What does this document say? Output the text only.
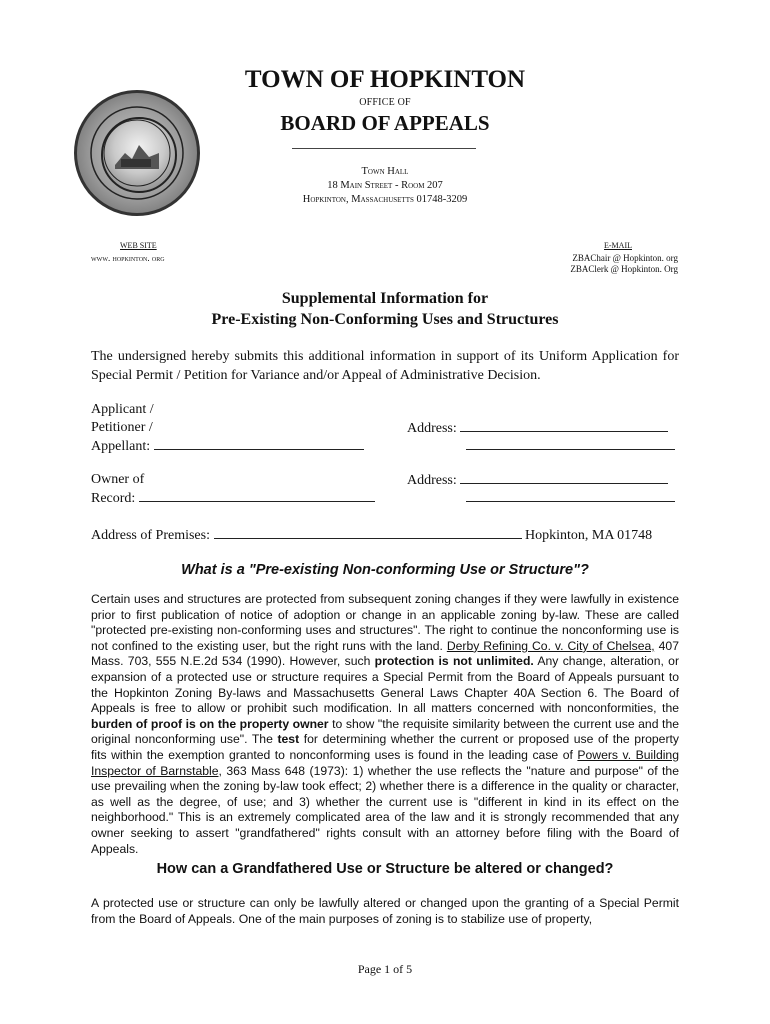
TOWN OF HOPKINTON
OFFICE OF
BOARD OF APPEALS
Town Hall
18 Main Street - Room 207
Hopkinton, Massachusetts 01748-3209
WEB SITE
www. hopkinton. org
E-MAIL
ZBAChair @ Hopkinton. org
ZBAClerk @ Hopkinton. Org
Supplemental Information for
Pre-Existing Non-Conforming Uses and Structures
The undersigned hereby submits this additional information in support of its Uniform Application for Special Permit / Petition for Variance and/or Appeal of Administrative Decision.
Applicant /
Petitioner /
Appellant:
Address:
Owner of
Record:
Address:
Address of Premises:	Hopkinton, MA 01748
What is a "Pre-existing Non-conforming Use or Structure"?
Certain uses and structures are protected from subsequent zoning changes if they were lawfully in existence prior to first publication of notice of adoption or change in an applicable zoning by-law. These are called "protected pre-existing non-conforming uses and structures". The right to continue the nonconforming use is not confined to the existing user, but the right runs with the land. Derby Refining Co. v. City of Chelsea, 407 Mass. 703, 555 N.E.2d 534 (1990). However, such protection is not unlimited. Any change, alteration, or expansion of a protected use or structure requires a Special Permit from the Board of Appeals pursuant to the Hopkinton Zoning By-laws and Massachusetts General Laws Chapter 40A Section 6. The Board of Appeals is free to allow or prohibit such modification. In all matters concerned with nonconformities, the burden of proof is on the property owner to show "the requisite similarity between the current use and the original nonconforming use". The test for determining whether the current or proposed use of the property fits within the exemption granted to nonconforming uses is found in the leading case of Powers v. Building Inspector of Barnstable, 363 Mass 648 (1973): 1) whether the use reflects the "nature and purpose" of the use prevailing when the zoning by-law took effect; 2) whether there is a difference in the quality or character, as well as the degree, of use; and 3) whether the current use is "different in kind in its effect on the neighborhood." This is an extremely complicated area of the law and it is strongly recommended that any owner seeking to assert "grandfathered" rights consult with an attorney before filing with the Board of Appeals.
How can a Grandfathered Use or Structure be altered or changed?
A protected use or structure can only be lawfully altered or changed upon the granting of a Special Permit from the Board of Appeals. One of the main purposes of zoning is to stabilize use of property,
Page 1 of 5
